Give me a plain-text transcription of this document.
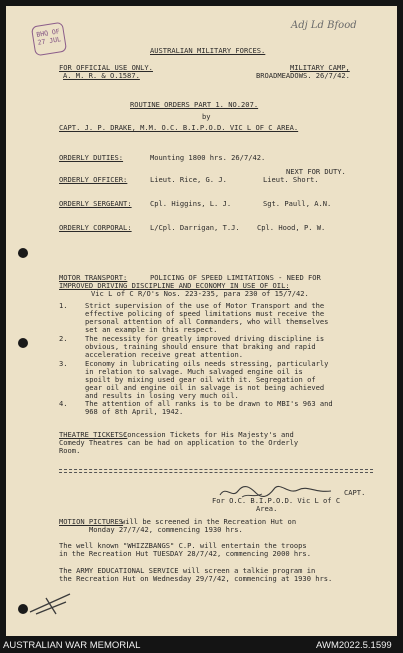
BHQ OF
27 JUL
Adj Ld Bfood
AUSTRALIAN MILITARY FORCES.
FOR OFFICIAL USE ONLY.
A. M. R. & O.1587.
MILITARY CAMP,
BROADMEADOWS. 26/7/42.
ROUTINE ORDERS PART 1. NO.207.
by
CAPT. J. P. DRAKE, M.M. O.C. B.I.P.O.D. VIC L OF C AREA.
ORDERLY DUTIES:	Mounting 1800 hrs. 26/7/42.
NEXT FOR DUTY.
ORDERLY OFFICER:	Lieut. Rice, G. J.	Lieut. Short.
ORDERLY SERGEANT:	Cpl. Higgins, L. J.	Sgt. Paull, A.N.
ORDERLY CORPORAL:	L/Cpl. Darrigan, T.J. Cpl. Hood, P. W.
MOTOR TRANSPORT:	POLICING OF SPEED LIMITATIONS - NEED FOR
IMPROVED DRIVING DISCIPLINE AND ECONOMY IN USE OF OIL:
Vic L of C R/O's Nos. 223-235, para 230 of 15/7/42.
1. Strict supervision of the use of Motor Transport and the
effective policing of speed limitations must receive the
personal attention of all Commanders, who will themselves
set an example in this respect.
2. The necessity for greatly improved driving discipline is
obvious, training should ensure that braking and rapid
acceleration receive great attention.
3. Economy in lubricating oils needs stressing, particularly
in relation to salvage. Much salvaged engine oil is
spoilt by mixing used gear oil with it. Segregation of
gear oil and engine oil in salvage is not being achieved
and results in losing very much oil.
4. The attention of all ranks is to be drawn to MBI's 963 and
968 of 8th April, 1942.
THEATRE TICKETS:
Concession Tickets for His Majesty's and
Comedy Theatres can be had on application to the Orderly
Room.
CAPT.
For O.C. B.I.P.O.D. Vic L of C
Area.
MOTION PICTURES
will be screened in the Recreation Hut on
Monday 27/7/42, commencing 1930 hrs.
The well known "WHIZZBANGS" C.P. will entertain the troops
in the Recreation Hut TUESDAY 28/7/42, commencing 2000 hrs.
The ARMY EDUCATIONAL SERVICE will screen a talkie program in
the Recreation Hut on Wednesday 29/7/42, commencing at 1930 hrs.
AUSTRALIAN WAR MEMORIAL	AWM2022.5.1599
